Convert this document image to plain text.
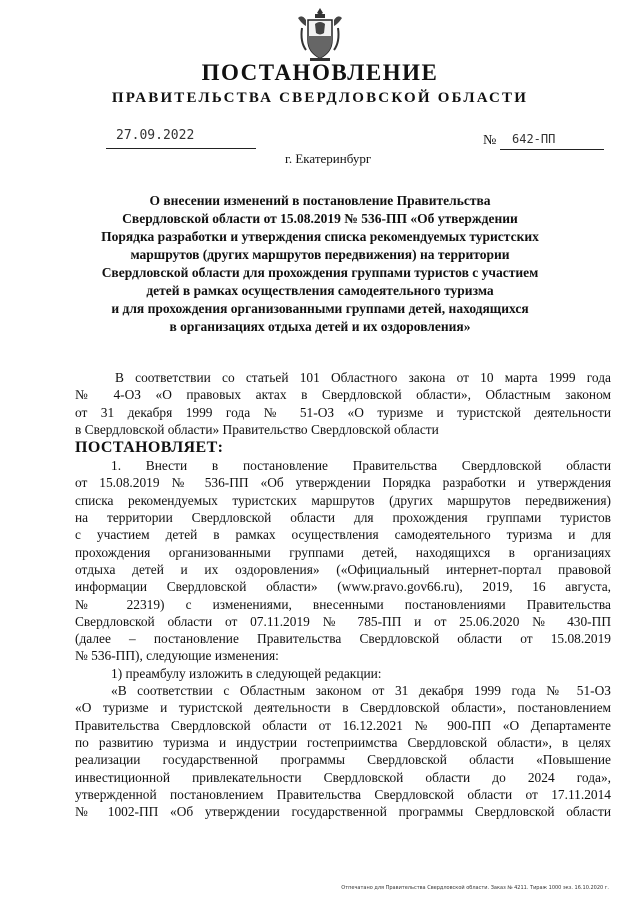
ПОСТАНОВЛЕНИЕ
ПРАВИТЕЛЬСТВА СВЕРДЛОВСКОЙ ОБЛАСТИ
27.09.2022	№ 642-ПП
г. Екатеринбург
О внесении изменений в постановление Правительства
Свердловской области от 15.08.2019 № 536-ПП «Об утверждении
Порядка разработки и утверждения списка рекомендуемых туристских
маршрутов (других маршрутов передвижения) на территории
Свердловской области для прохождения группами туристов с участием
детей в рамках осуществления самодеятельного туризма
и для прохождения организованными группами детей, находящихся
в организациях отдыха детей и их оздоровления»
В соответствии со статьей 101 Областного закона от 10 марта 1999 года
№ 4-ОЗ «О правовых актах в Свердловской области», Областным законом
от 31 декабря 1999 года № 51-ОЗ «О туризме и туристской деятельности
в Свердловской области» Правительство Свердловской области
ПОСТАНОВЛЯЕТ:
1. Внести в постановление Правительства Свердловской области
от 15.08.2019 № 536-ПП «Об утверждении Порядка разработки и утверждения
списка рекомендуемых туристских маршрутов (других маршрутов передвижения)
на территории Свердловской области для прохождения группами туристов
с участием детей в рамках осуществления самодеятельного туризма и для
прохождения организованными группами детей, находящихся в организациях
отдыха детей и их оздоровления» («Официальный интернет-портал правовой
информации Свердловской области» (www.pravo.gov66.ru), 2019, 16 августа,
№ 22319) с изменениями, внесенными постановлениями Правительства
Свердловской области от 07.11.2019 № 785-ПП и от 25.06.2020 № 430-ПП
(далее – постановление Правительства Свердловской области от 15.08.2019
№ 536-ПП), следующие изменения:
1) преамбулу изложить в следующей редакции:
«В соответствии с Областным законом от 31 декабря 1999 года № 51-ОЗ
«О туризме и туристской деятельности в Свердловской области», постановлением
Правительства Свердловской области от 16.12.2021 № 900-ПП «О Департаменте
по развитию туризма и индустрии гостеприимства Свердловской области», в целях
реализации государственной программы Свердловской области «Повышение
инвестиционной привлекательности Свердловской области до 2024 года»,
утвержденной постановлением Правительства Свердловской области от 17.11.2014
№ 1002-ПП «Об утверждении государственной программы Свердловской области
Отпечатано для Правительства Свердловской области. Заказ № 4211. Тираж 1000 экз. 16.10.2020 г.
